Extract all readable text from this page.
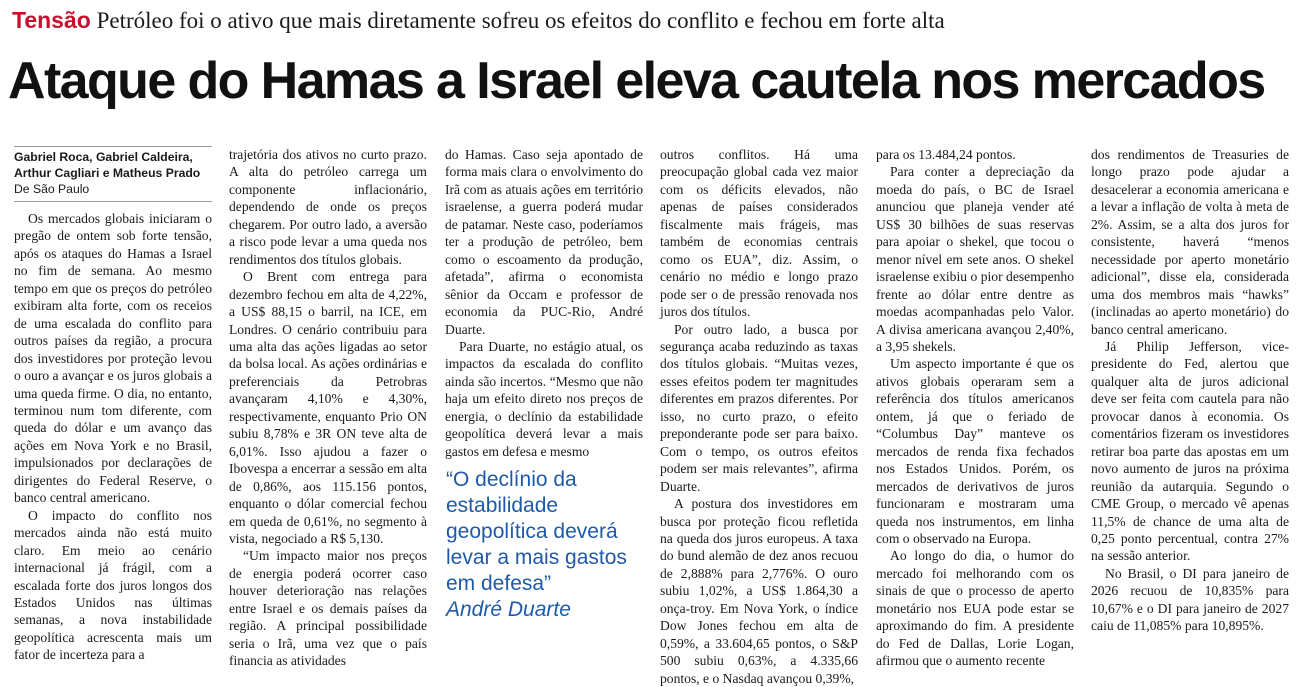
Tensão Petróleo foi o ativo que mais diretamente sofreu os efeitos do conflito e fechou em forte alta
Ataque do Hamas a Israel eleva cautela nos mercados
Gabriel Roca, Gabriel Caldeira,
Arthur Cagliari e Matheus Prado
De São Paulo

Os mercados globais iniciaram o pregão de ontem sob forte tensão, após os ataques do Hamas a Israel no fim de semana. Ao mesmo tempo em que os preços do petróleo exibiram alta forte, com os receios de uma escalada do conflito para outros países da região, a procura dos investidores por proteção levou o ouro a avançar e os juros globais a uma queda firme. O dia, no entanto, terminou num tom diferente, com queda do dólar e um avanço das ações em Nova York e no Brasil, impulsionados por declarações de dirigentes do Federal Reserve, o banco central americano.

O impacto do conflito nos mercados ainda não está muito claro. Em meio ao cenário internacional já frágil, com a escalada forte dos juros longos dos Estados Unidos nas últimas semanas, a nova instabilidade geopolítica acrescenta mais um fator de incerteza para a

trajetória dos ativos no curto prazo. A alta do petróleo carrega um componente inflacionário, dependendo de onde os preços chegarem. Por outro lado, a aversão a risco pode levar a uma queda nos rendimentos dos títulos globais.

O Brent com entrega para dezembro fechou em alta de 4,22%, a US$ 88,15 o barril, na ICE, em Londres. O cenário contribuiu para uma alta das ações ligadas ao setor da bolsa local. As ações ordinárias e preferenciais da Petrobras avançaram 4,10% e 4,30%, respectivamente, enquanto Prio ON subiu 8,78% e 3R ON teve alta de 6,01%. Isso ajudou a fazer o Ibovespa a encerrar a sessão em alta de 0,86%, aos 115.156 pontos, enquanto o dólar comercial fechou em queda de 0,61%, no segmento à vista, negociado a R$ 5,130.

“Um impacto maior nos preços de energia poderá ocorrer caso houver deterioração nas relações entre Israel e os demais países da região. A principal possibilidade seria o Irã, uma vez que o país financia as atividades

do Hamas. Caso seja apontado de forma mais clara o envolvimento do Irã com as atuais ações em território israelense, a guerra poderá mudar de patamar. Neste caso, poderíamos ter a produção de petróleo, bem como o escoamento da produção, afetada”, afirma o economista sênior da Occam e professor de economia da PUC-Rio, André Duarte.

Para Duarte, no estágio atual, os impactos da escalada do conflito ainda são incertos. “Mesmo que não haja um efeito direto nos preços de energia, o declínio da estabilidade geopolítica deverá levar a mais gastos em defesa e mesmo

“O declínio da estabilidade geopolítica deverá levar a mais gastos em defesa”
André Duarte

outros conflitos. Há uma preocupação global cada vez maior com os déficits elevados, não apenas de países considerados fiscalmente mais frágeis, mas também de economias centrais como os EUA”, diz. Assim, o cenário no médio e longo prazo pode ser o de pressão renovada nos juros dos títulos.

Por outro lado, a busca por segurança acaba reduzindo as taxas dos títulos globais. “Muitas vezes, esses efeitos podem ter magnitudes diferentes em prazos diferentes. Por isso, no curto prazo, o efeito preponderante pode ser para baixo. Com o tempo, os outros efeitos podem ser mais relevantes”, afirma Duarte.

A postura dos investidores em busca por proteção ficou refletida na queda dos juros europeus. A taxa do bund alemão de dez anos recuou de 2,888% para 2,776%. O ouro subiu 1,02%, a US$ 1.864,30 a onça-troy. Em Nova York, o índice Dow Jones fechou em alta de 0,59%, a 33.604,65 pontos, o S&P 500 subiu 0,63%, a 4.335,66 pontos, e o Nasdaq avançou 0,39%,

para os 13.484,24 pontos.

Para conter a depreciação da moeda do país, o BC de Israel anunciou que planeja vender até US$ 30 bilhões de suas reservas para apoiar o shekel, que tocou o menor nível em sete anos. O shekel israelense exibiu o pior desempenho frente ao dólar entre dentre as moedas acompanhadas pelo Valor. A divisa americana avançou 2,40%, a 3,95 shekels.

Um aspecto importante é que os ativos globais operaram sem a referência dos títulos americanos ontem, já que o feriado de “Columbus Day” manteve os mercados de renda fixa fechados nos Estados Unidos. Porém, os mercados de derivativos de juros funcionaram e mostraram uma queda nos instrumentos, em linha com o observado na Europa.

Ao longo do dia, o humor do mercado foi melhorando com os sinais de que o processo de aperto monetário nos EUA pode estar se aproximando do fim. A presidente do Fed de Dallas, Lorie Logan, afirmou que o aumento recente

dos rendimentos de Treasuries de longo prazo pode ajudar a desacelerar a economia americana e a levar a inflação de volta à meta de 2%. Assim, se a alta dos juros for consistente, haverá “menos necessidade por aperto monetário adicional”, disse ela, considerada uma dos membros mais “hawks” (inclinadas ao aperto monetário) do banco central americano.

Já Philip Jefferson, vice-presidente do Fed, alertou que qualquer alta de juros adicional deve ser feita com cautela para não provocar danos à economia. Os comentários fizeram os investidores retirar boa parte das apostas em um novo aumento de juros na próxima reunião da autarquia. Segundo o CME Group, o mercado vê apenas 11,5% de chance de uma alta de 0,25 ponto percentual, contra 27% na sessão anterior.

No Brasil, o DI para janeiro de 2026 recuou de 10,835% para 10,67% e o DI para janeiro de 2027 caiu de 11,085% para 10,895%.
